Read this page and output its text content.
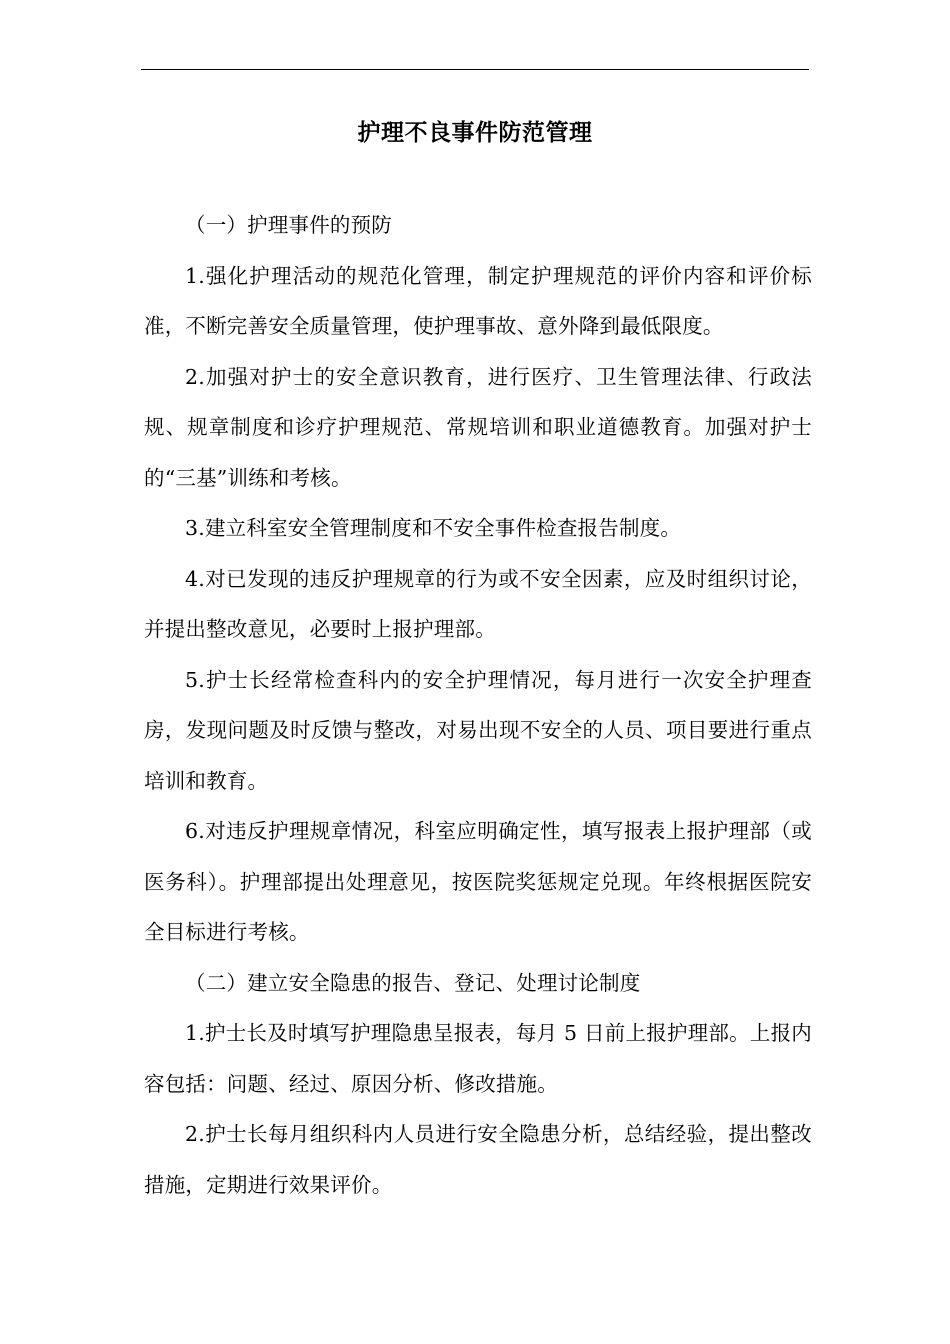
护理不良事件防范管理

（一）护理事件的预防

1.强化护理活动的规范化管理，制定护理规范的评价内容和评价标准，不断完善安全质量管理，使护理事故、意外降到最低限度。

2.加强对护士的安全意识教育，进行医疗、卫生管理法律、行政法规、规章制度和诊疗护理规范、常规培训和职业道德教育。加强对护士的“三基”训练和考核。

3.建立科室安全管理制度和不安全事件检查报告制度。

4.对已发现的违反护理规章的行为或不安全因素，应及时组织讨论，并提出整改意见，必要时上报护理部。

5.护士长经常检查科内的安全护理情况，每月进行一次安全护理查房，发现问题及时反馈与整改，对易出现不安全的人员、项目要进行重点培训和教育。

6.对违反护理规章情况，科室应明确定性，填写报表上报护理部（或医务科）。护理部提出处理意见，按医院奖惩规定兑现。年终根据医院安全目标进行考核。

（二）建立安全隐患的报告、登记、处理讨论制度

1.护士长及时填写护理隐患呈报表，每月 5 日前上报护理部。上报内容包括：问题、经过、原因分析、修改措施。

2.护士长每月组织科内人员进行安全隐患分析，总结经验，提出整改措施，定期进行效果评价。
